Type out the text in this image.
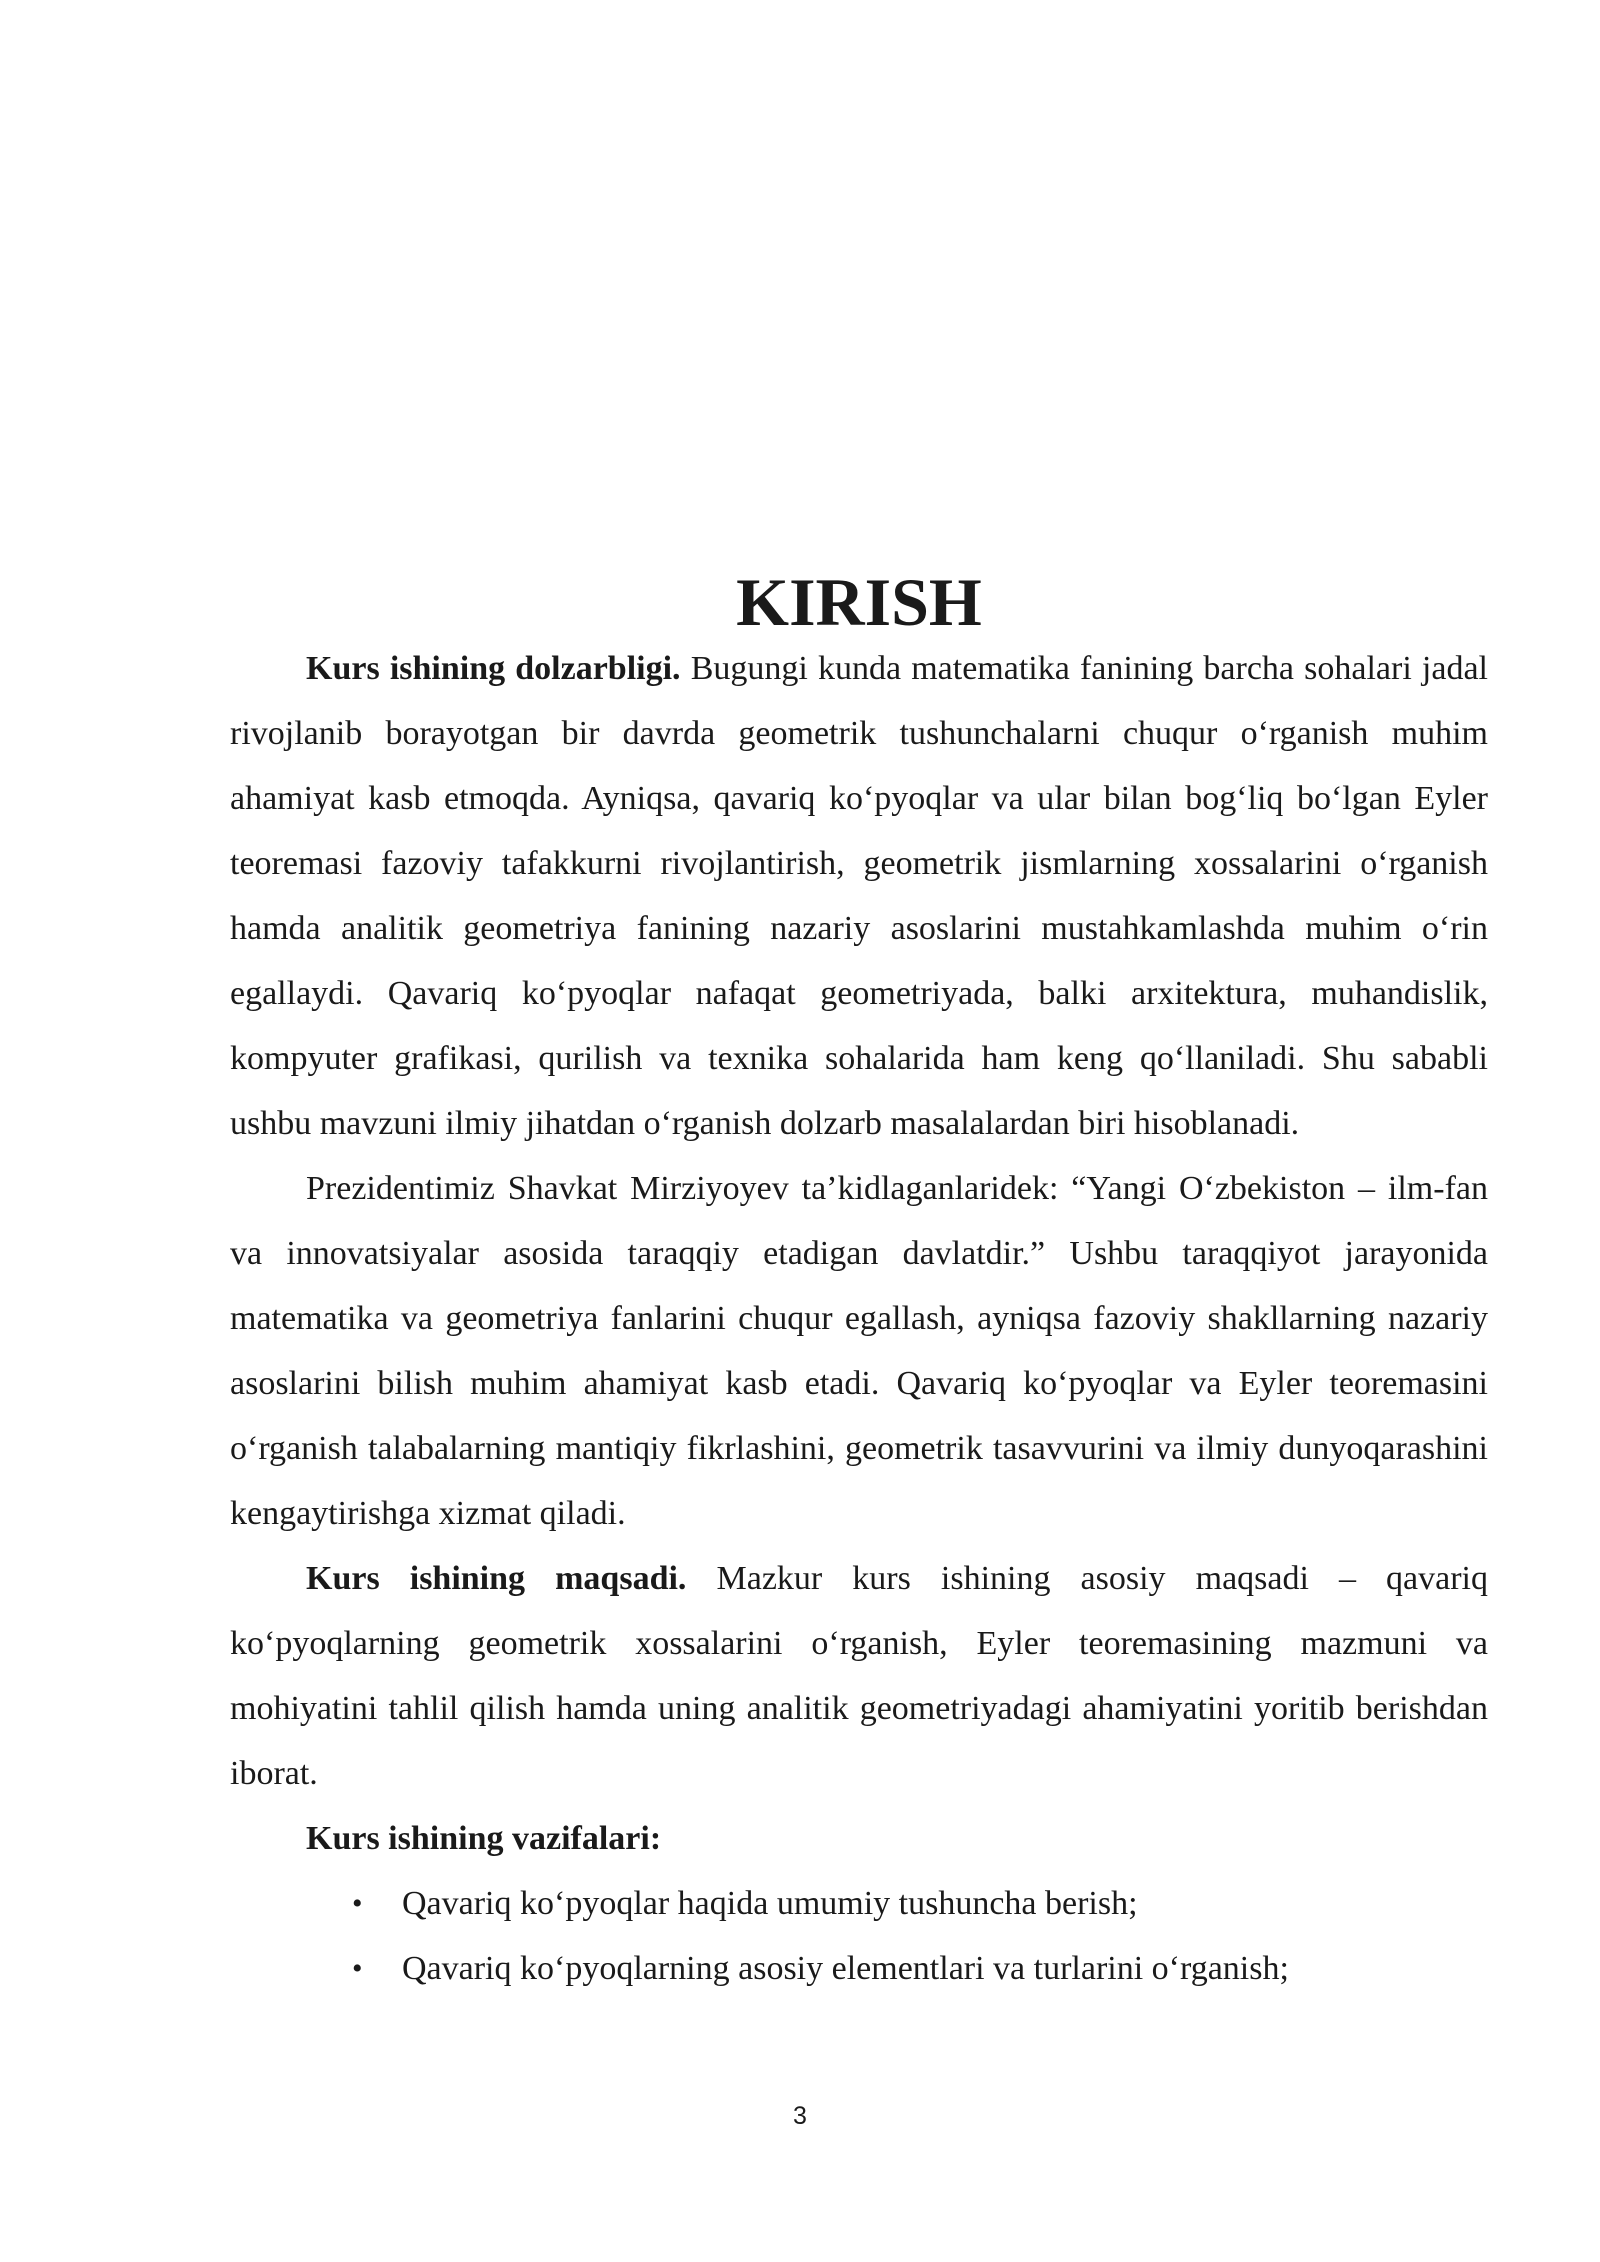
KIRISH

Kurs ishining dolzarbligi. Bugungi kunda matematika fanining barcha sohalari jadal rivojlanib borayotgan bir davrda geometrik tushunchalarni chuqur o‘rganish muhim ahamiyat kasb etmoqda. Ayniqsa, qavariq ko‘pyoqlar va ular bilan bog‘liq bo‘lgan Eyler teoremasi fazoviy tafakkurni rivojlantirish, geometrik jismlarning xossalarini o‘rganish hamda analitik geometriya fanining nazariy asoslarini mustahkamlashda muhim o‘rin egallaydi. Qavariq ko‘pyoqlar nafaqat geometriyada, balki arxitektura, muhandislik, kompyuter grafikasi, qurilish va texnika sohalarida ham keng qo‘llaniladi. Shu sababli ushbu mavzuni ilmiy jihatdan o‘rganish dolzarb masalalardan biri hisoblanadi.

Prezidentimiz Shavkat Mirziyoyev ta’kidlaganlaridek: “Yangi O‘zbekiston – ilm-fan va innovatsiyalar asosida taraqqiy etadigan davlatdir.” Ushbu taraqqiyot jarayonida matematika va geometriya fanlarini chuqur egallash, ayniqsa fazoviy shakllarning nazariy asoslarini bilish muhim ahamiyat kasb etadi. Qavariq ko‘pyoqlar va Eyler teoremasini o‘rganish talabalarning mantiqiy fikrlashini, geometrik tasavvurini va ilmiy dunyoqarashini kengaytirishga xizmat qiladi.

Kurs ishining maqsadi. Mazkur kurs ishining asosiy maqsadi – qavariq ko‘pyoqlarning geometrik xossalarini o‘rganish, Eyler teoremasining mazmuni va mohiyatini tahlil qilish hamda uning analitik geometriyadagi ahamiyatini yoritib berishdan iborat.

Kurs ishining vazifalari:

• Qavariq ko‘pyoqlar haqida umumiy tushuncha berish;
• Qavariq ko‘pyoqlarning asosiy elementlari va turlarini o‘rganish;
3
